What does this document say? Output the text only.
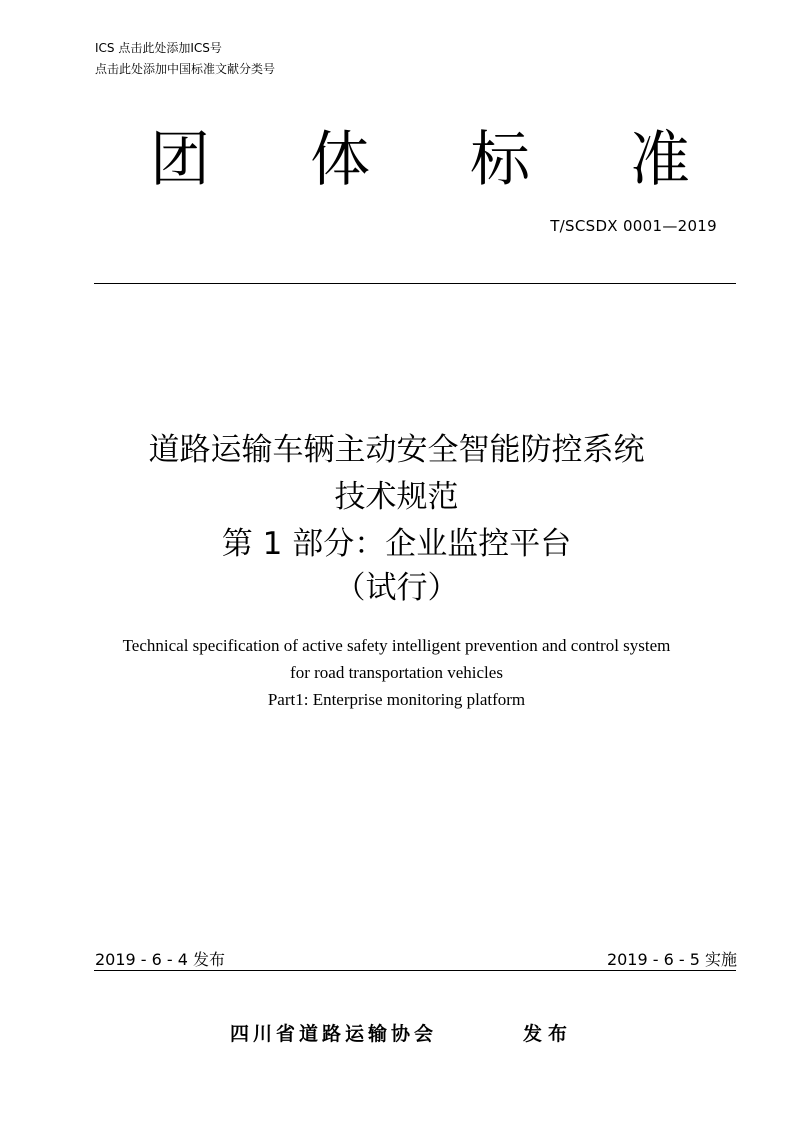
ICS 点击此处添加ICS号
点击此处添加中国标准文献分类号
团 体 标 准
T/SCSDX 0001—2019
道路运输车辆主动安全智能防控系统
技术规范
第 1 部分：企业监控平台
（试行）
Technical specification of active safety intelligent prevention and control system
for road transportation vehicles
Part1: Enterprise monitoring platform
2019 - 6 - 4 发布	2019 - 6 - 5 实施
四川省道路运输协会	发布
